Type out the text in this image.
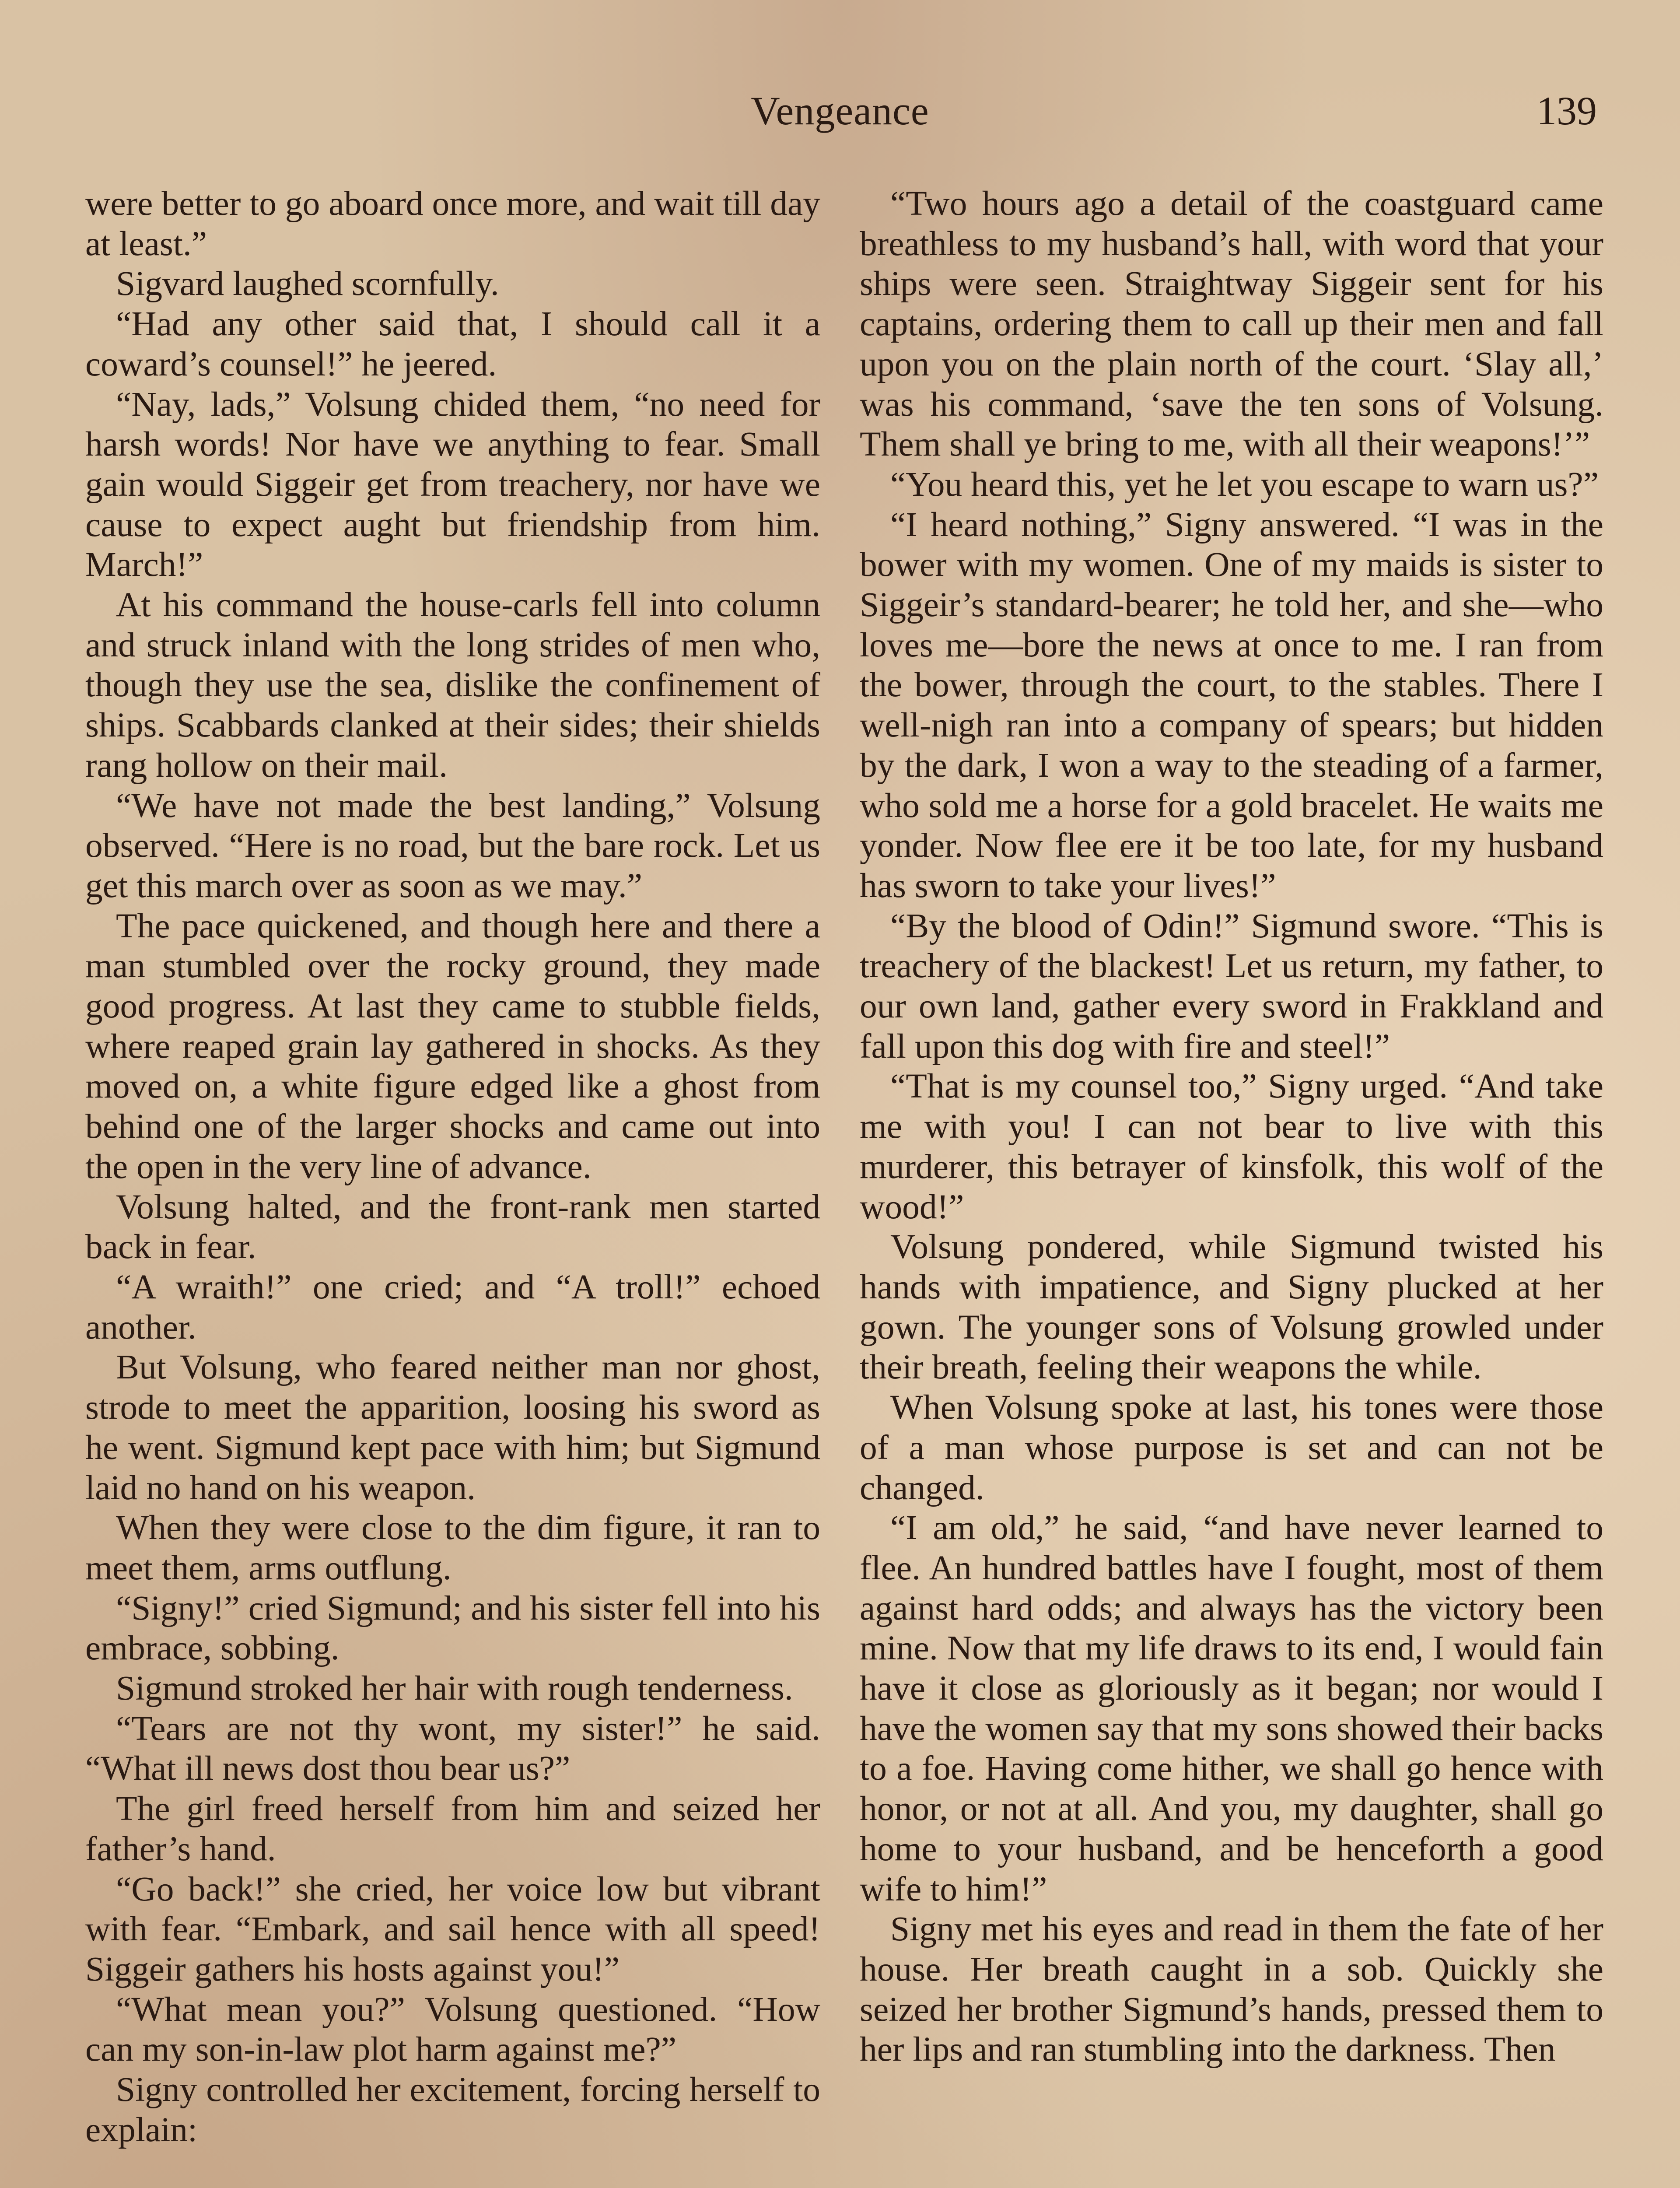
Vengeance	139

were better to go aboard once more, and wait till day at least.”

Sigvard laughed scornfully.

“Had any other said that, I should call it a coward’s counsel!” he jeered.

“Nay, lads,” Volsung chided them, “no need for harsh words! Nor have we anything to fear. Small gain would Siggeir get from treachery, nor have we cause to expect aught but friendship from him. March!”

At his command the house-carls fell into column and struck inland with the long strides of men who, though they use the sea, dislike the confinement of ships. Scabbards clanked at their sides; their shields rang hollow on their mail.

“We have not made the best landing,” Volsung observed. “Here is no road, but the bare rock. Let us get this march over as soon as we may.”

The pace quickened, and though here and there a man stumbled over the rocky ground, they made good progress. At last they came to stubble fields, where reaped grain lay gathered in shocks. As they moved on, a white figure edged like a ghost from behind one of the larger shocks and came out into the open in the very line of advance.

Volsung halted, and the front-rank men started back in fear.

“A wraith!” one cried; and “A troll!” echoed another.

But Volsung, who feared neither man nor ghost, strode to meet the apparition, loosing his sword as he went. Sigmund kept pace with him; but Sigmund laid no hand on his weapon.

When they were close to the dim figure, it ran to meet them, arms outflung.

“Signy!” cried Sigmund; and his sister fell into his embrace, sobbing.

Sigmund stroked her hair with rough tenderness.

“Tears are not thy wont, my sister!” he said. “What ill news dost thou bear us?”

The girl freed herself from him and seized her father’s hand.

“Go back!” she cried, her voice low but vibrant with fear. “Embark, and sail hence with all speed! Siggeir gathers his hosts against you!”

“What mean you?” Volsung questioned. “How can my son-in-law plot harm against me?”

Signy controlled her excitement, forcing herself to explain:

“Two hours ago a detail of the coastguard came breathless to my husband’s hall, with word that your ships were seen. Straightway Siggeir sent for his captains, ordering them to call up their men and fall upon you on the plain north of the court. ‘Slay all,’ was his command, ‘save the ten sons of Volsung. Them shall ye bring to me, with all their weapons!’”

“You heard this, yet he let you escape to warn us?”

“I heard nothing,” Signy answered. “I was in the bower with my women. One of my maids is sister to Siggeir’s standard-bearer; he told her, and she—who loves me—bore the news at once to me. I ran from the bower, through the court, to the stables. There I well-nigh ran into a company of spears; but hidden by the dark, I won a way to the steading of a farmer, who sold me a horse for a gold bracelet. He waits me yonder. Now flee ere it be too late, for my husband has sworn to take your lives!”

“By the blood of Odin!” Sigmund swore. “This is treachery of the blackest! Let us return, my father, to our own land, gather every sword in Frakkland and fall upon this dog with fire and steel!”

“That is my counsel too,” Signy urged. “And take me with you! I can not bear to live with this murderer, this betrayer of kinsfolk, this wolf of the wood!”

Volsung pondered, while Sigmund twisted his hands with impatience, and Signy plucked at her gown. The younger sons of Volsung growled under their breath, feeling their weapons the while.

When Volsung spoke at last, his tones were those of a man whose purpose is set and can not be changed.

“I am old,” he said, “and have never learned to flee. An hundred battles have I fought, most of them against hard odds; and always has the victory been mine. Now that my life draws to its end, I would fain have it close as gloriously as it began; nor would I have the women say that my sons showed their backs to a foe. Having come hither, we shall go hence with honor, or not at all. And you, my daughter, shall go home to your husband, and be henceforth a good wife to him!”

Signy met his eyes and read in them the fate of her house. Her breath caught in a sob. Quickly she seized her brother Sigmund’s hands, pressed them to her lips and ran stumbling into the darkness. Then
